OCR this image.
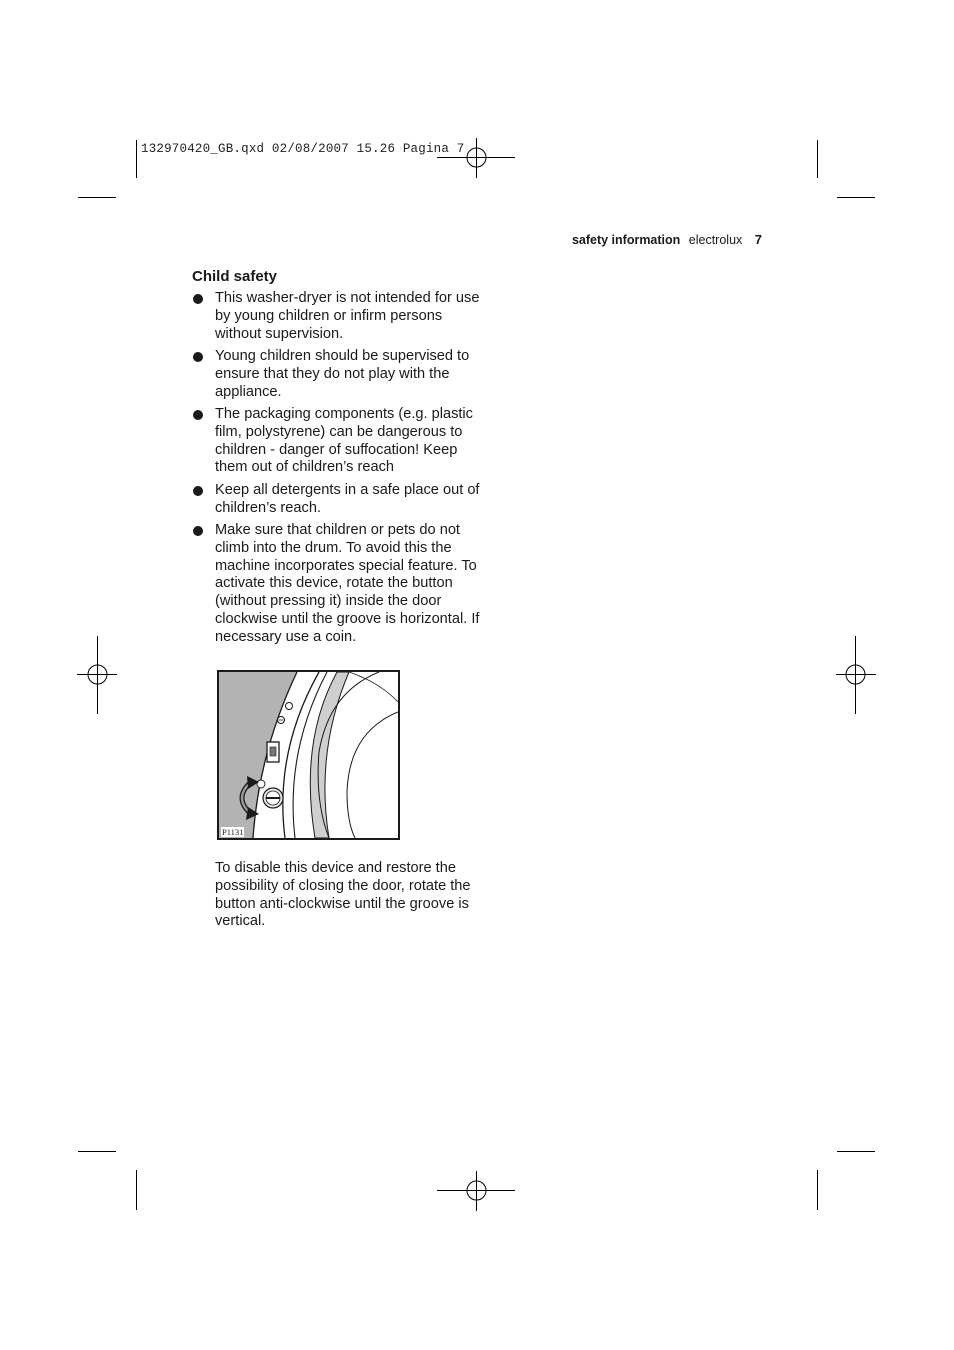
132970420_GB.qxd 02/08/2007 15.26 Pagina 7
safety information electrolux 7
Child safety
This washer-dryer is not intended for use by young children or infirm persons without supervision.
Young children should be supervised to ensure that they do not play with the appliance.
The packaging components (e.g. plastic film, polystyrene) can be dangerous to children - danger of suffocation! Keep them out of children’s reach
Keep all detergents in a safe place out of children’s reach.
Make sure that children or pets do not climb into the drum. To avoid this the machine incorporates special feature. To activate this device, rotate the button (without pressing it) inside the door clockwise until the groove is horizontal. If necessary use a coin.
P1131

To disable this device and restore the possibility of closing the door, rotate the button anti-clockwise until the groove is vertical.
